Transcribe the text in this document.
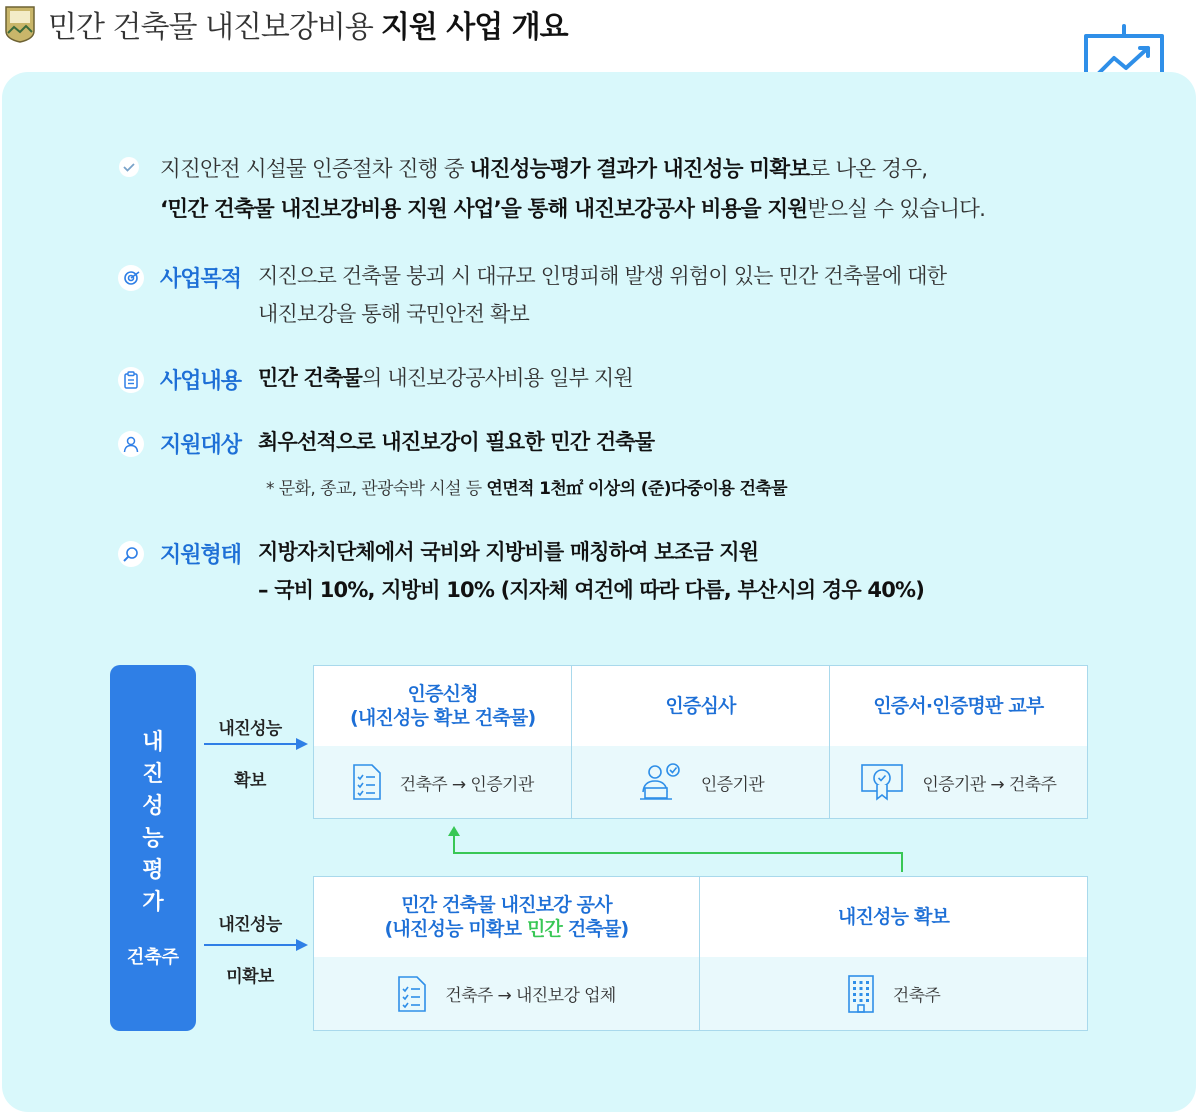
민간 건축물 내진보강비용 지원 사업 개요

지진안전 시설물 인증절차 진행 중 내진성능평가 결과가 내진성능 미확보로 나온 경우,

‘민간 건축물 내진보강비용 지원 사업’을 통해 내진보강공사 비용을 지원받으실 수 있습니다.

사업목적 지진으로 건축물 붕괴 시 대규모 인명피해 발생 위험이 있는 민간 건축물에 대한
내진보강을 통해 국민안전 확보
사업내용 민간 건축물의 내진보강공사비용 일부 지원
지원대상 최우선적으로 내진보강이 필요한 민간 건축물
* 문화, 종교, 관광숙박 시설 등 연면적 1천㎡ 이상의 (준)다중이용 건축물
지원형태 지방자치단체에서 국비와 지방비를 매칭하여 보조금 지원
– 국비 10%, 지방비 10% (지자체 여건에 따라 다름, 부산시의 경우 40%)
내
진
성
능
평
가
건축주
내진성능
확보
내진성능
미확보
인증신청
(내진성능 확보 건축물)
건축주 → 인증기관
인증심사
인증기관
인증서·인증명판 교부
인증기관 → 건축주
민간 건축물 내진보강 공사
(내진성능 미확보 민간 건축물)
건축주 → 내진보강 업체
내진성능 확보
건축주
